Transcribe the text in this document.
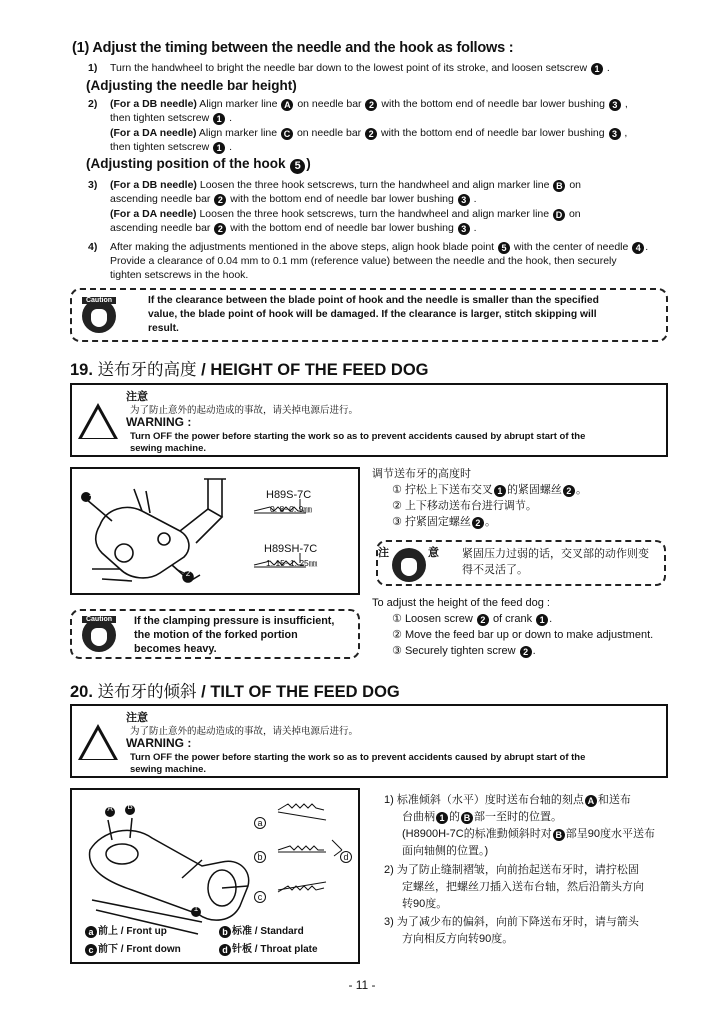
(1) Adjust the timing between the needle and the hook as follows :
1) Turn the handwheel to bright the needle bar down to the lowest point of its stroke, and loosen setscrew 1 .
(Adjusting the needle bar height)
2) (For a DB needle) Align marker line A on needle bar 2 with the bottom end of needle bar lower bushing 3 ,
then tighten setscrew 1 .
(For a DA needle) Align marker line C on needle bar 2 with the bottom end of needle bar lower bushing 3 ,
then tighten setscrew 1 .
(Adjusting position of the hook 5 )
3) (For a DB needle) Loosen the three hook setscrews, turn the handwheel and align marker line B on
ascending needle bar 2 with the bottom end of needle bar lower bushing 3 .
(For a DA needle) Loosen the three hook setscrews, turn the handwheel and align marker line D on
ascending needle bar 2 with the bottom end of needle bar lower bushing 3 .
4) After making the adjustments mentioned in the above steps, align hook blade point 5 with the center of needle 4 .
Provide a clearance of 0.04 mm to 0.1 mm (reference value) between the needle and the hook, then securely
tighten setscrews in the hook.
Caution	If the clearance between the blade point of hook and the needle is smaller than the specified
value, the blade point of hook will be damaged. If the clearance is larger, stitch skipping will
result.
19. 送布牙的高度 / HEIGHT OF THE FEED DOG
注意
为了防止意外的起动造成的事故，请关掉电源后进行。
WARNING :
Turn OFF the power before starting the work so as to prevent accidents caused by abrupt start of the
sewing machine.
1
2
H89S-7C
0. 8−0. 9㎜
H89SH-7C
1. 15−1. 25㎜
调节送布牙的高度时
① 拧松上下送布交叉 1 的紧固螺丝 2 。
② 上下移动送布台进行调节。
③ 拧紧固定螺丝 2 。
注	意 紧固压力过弱的话，交叉部的动作则变
得不灵活了。
Caution	If the clamping pressure is insufficient,
the motion of the forked portion
becomes heavy.
To adjust the height of the feed dog :
① Loosen screw 2 of crank 1 .
② Move the feed bar up or down to make adjustment.
③ Securely tighten screw 2 .
20. 送布牙的倾斜 / TILT OF THE FEED DOG
注意
为了防止意外的起动造成的事故，请关掉电源后进行。
WARNING :
Turn OFF the power before starting the work so as to prevent accidents caused by abrupt start of the
sewing machine.
A B
1
a
b
c
d
a 前上 / Front up	b 标准 / Standard
c 前下 / Front down	d 针板 / Throat plate
1) 标准倾斜（水平）度时送布台轴的刻点 A 和送布
台曲柄 1 的 B 部一至时的位置。
(H8900H-7C的标准動倾斜时对 B 部呈90度水平送布
面向轴侧的位置。)
2) 为了防止缝制褶皱，向前抬起送布牙时，请拧松固
定螺丝，把螺丝刀插入送布台轴，然后沿箭头方向
转90度。
3) 为了减少布的偏斜，向前下降送布牙时，请与箭头
方向相反方向转90度。
- 11 -
